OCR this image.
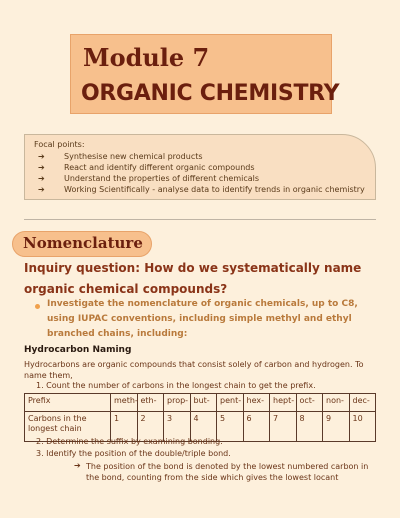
Module 7
ORGANIC CHEMISTRY
Focal points:
➔	Synthesise new chemical products
➔	React and identify different organic compounds
➔	Understand the properties of different chemicals
➔	Working Scientifically - analyse data to identify trends in organic chemistry
Nomenclature
Inquiry question: How do we systematically name organic chemical compounds?
Investigate the nomenclature of organic chemicals, up to C8, using IUPAC conventions, including simple methyl and ethyl branched chains, including:
Hydrocarbon Naming
Hydrocarbons are organic compounds that consist solely of carbon and hydrogen. To name them,
1. Count the number of carbons in the longest chain to get the prefix.
Prefix	meth-	eth-	prop-	but-	pent-	hex-	hept-	oct-	non-	dec-
Carbons in the longest chain	1	2	3	4	5	6	7	8	9	10
2. Determine the suffix by examining bonding.
3. Identify the position of the double/triple bond.
➔ The position of the bond is denoted by the lowest numbered carbon in the bond, counting from the side which gives the lowest locant
